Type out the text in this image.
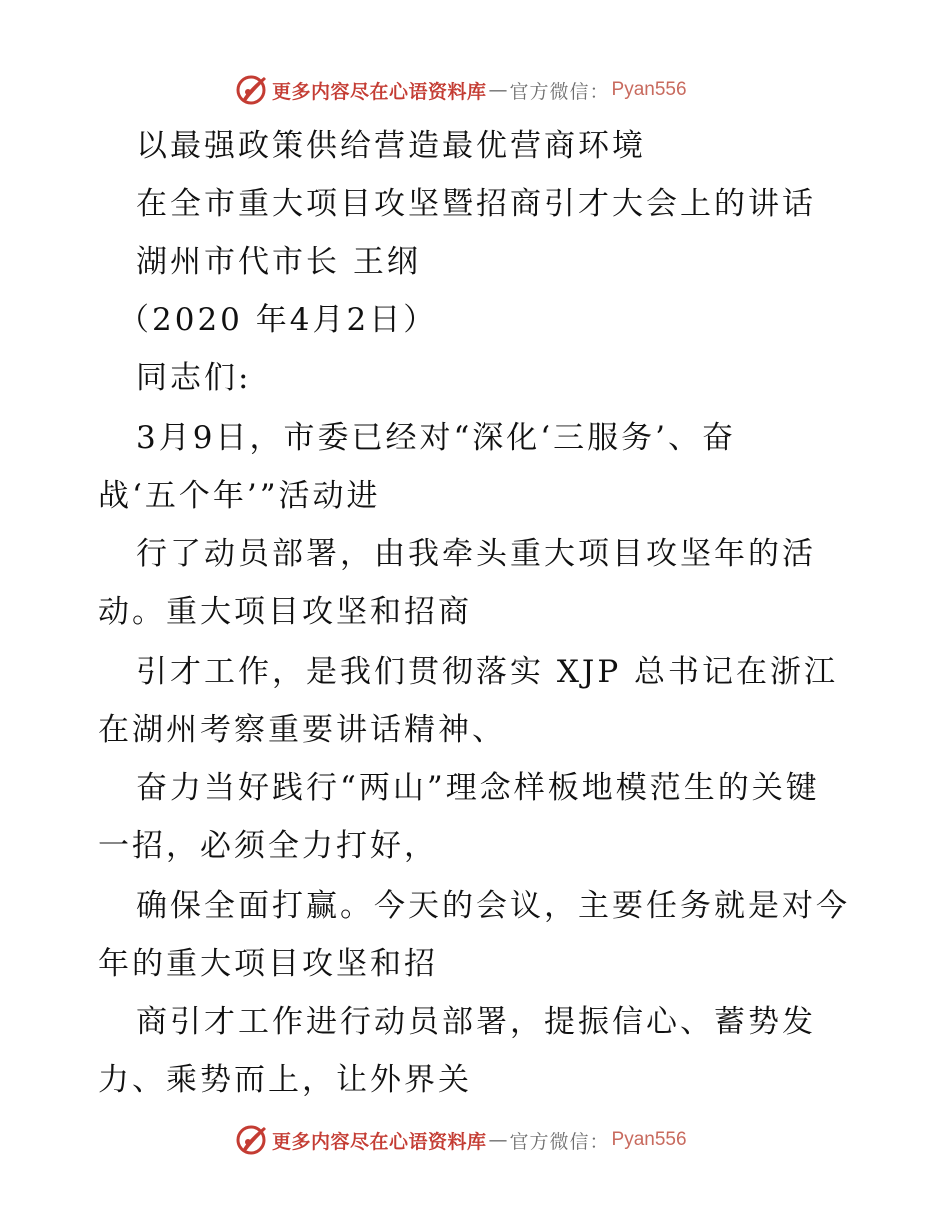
更多内容尽在心语资料库 — 官方微信： Pyan556
以最强政策供给营造最优营商环境
在全市重大项目攻坚暨招商引才大会上的讲话
湖州市代市长 王纲
（2020 年4月2日）
同志们:
3月9日，市委已经对“深化‘三服务’、奋
战‘五个年’”活动进
行了动员部署，由我牵头重大项目攻坚年的活
动。重大项目攻坚和招商
引才工作，是我们贯彻落实 XJP 总书记在浙江
在湖州考察重要讲话精神、
奋力当好践行“两山”理念样板地模范生的关键
一招，必须全力打好，
确保全面打赢。今天的会议，主要任务就是对今
年的重大项目攻坚和招
商引才工作进行动员部署，提振信心、蓄势发
力、乘势而上，让外界关
更多内容尽在心语资料库 — 官方微信： Pyan556
